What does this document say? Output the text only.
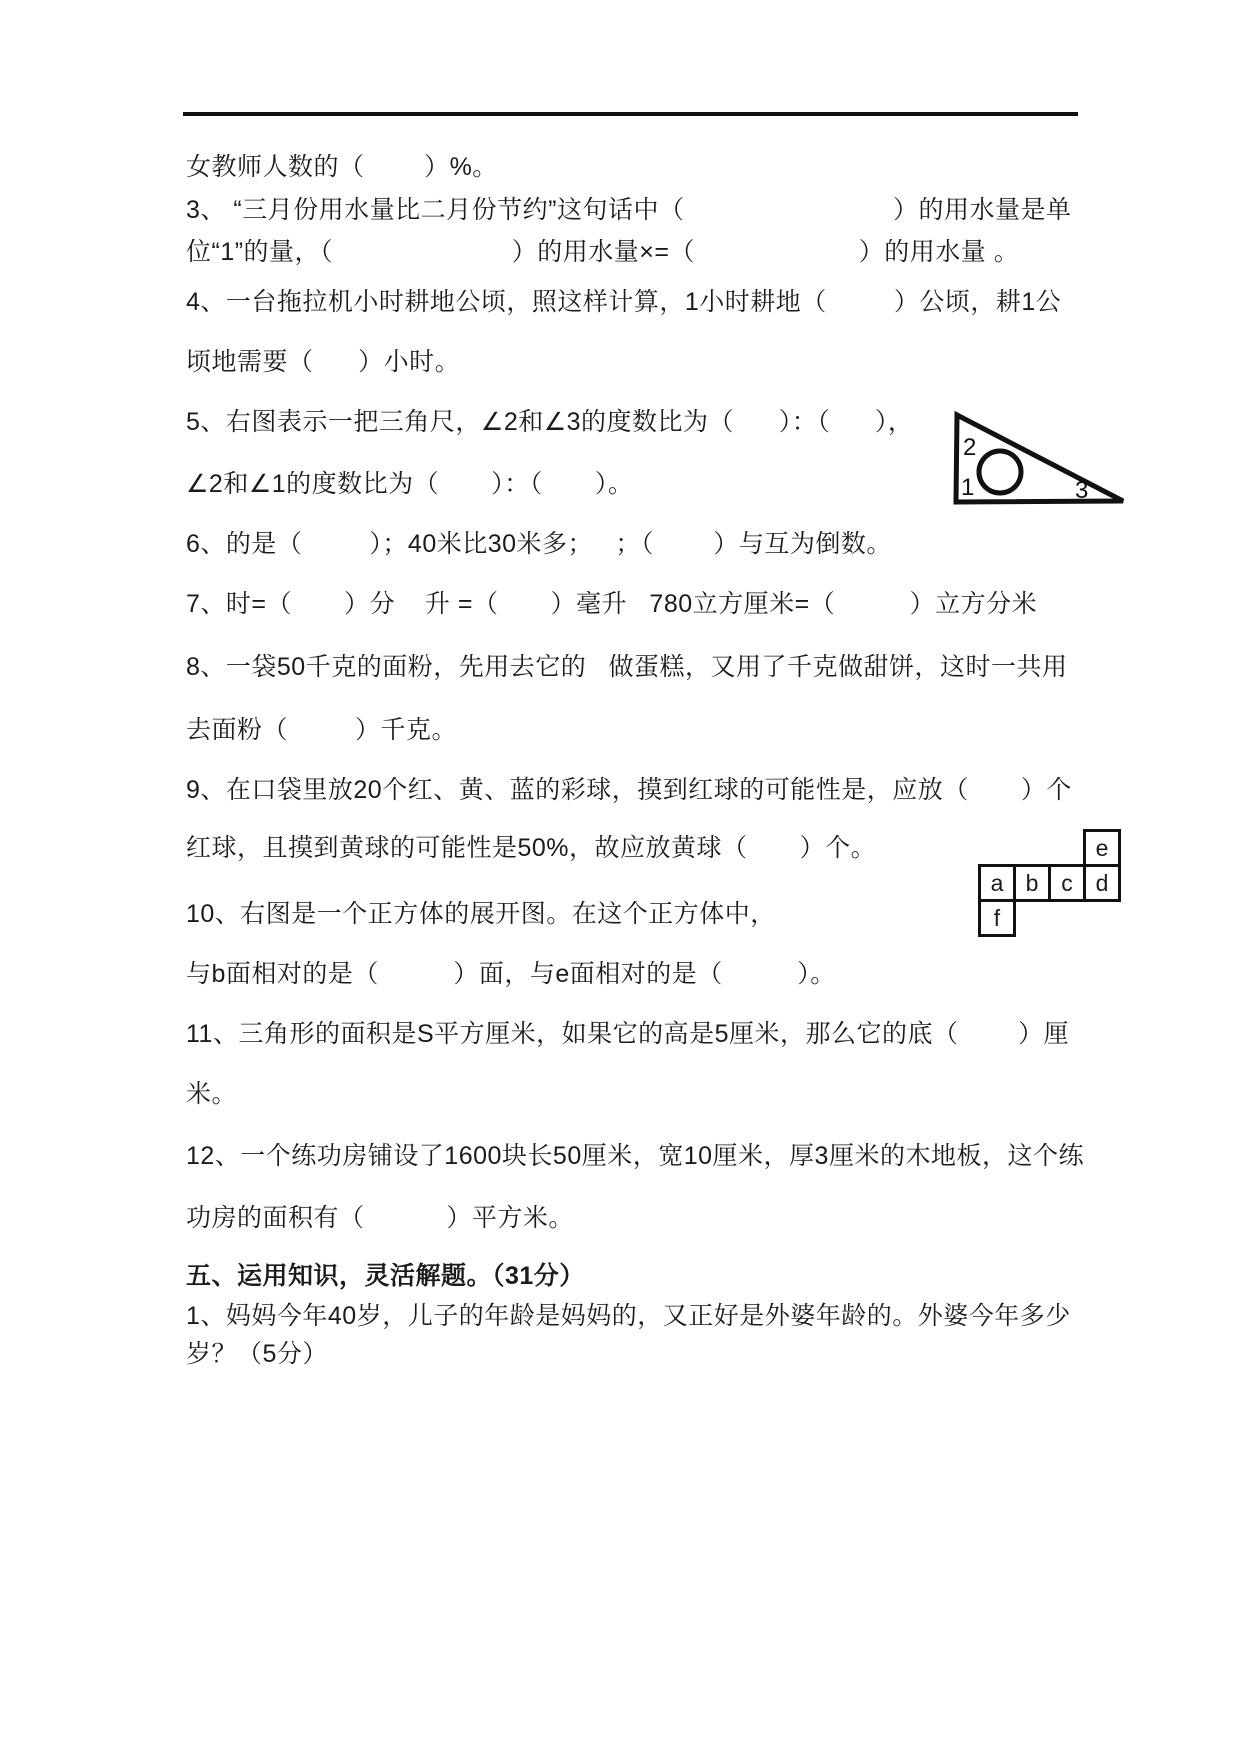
女教师人数的（        ）%。
3、 “三月份用水量比二月份节约”这句话中（                            ）的用水量是单
位“1”的量，（                        ）的用水量×=（                      ）的用水量 。
4、一台拖拉机小时耕地公顷，照这样计算，1小时耕地（         ）公顷，耕1公
顷地需要（      ）小时。
5、右图表示一把三角尺，∠2和∠3的度数比为（      ）：（      ），
∠2和∠1的度数比为（       ）：（       ）。
6、的是（         ）；40米比30米多；   ；（        ）与互为倒数。
7、时=（       ）分    升 =（       ）毫升   780立方厘米=（          ）立方分米
8、一袋50千克的面粉，先用去它的   做蛋糕，又用了千克做甜饼，这时一共用
去面粉（         ）千克。
9、在口袋里放20个红、黄、蓝的彩球，摸到红球的可能性是，应放（       ）个
红球，且摸到黄球的可能性是50%，故应放黄球（       ）个。
10、右图是一个正方体的展开图。在这个正方体中，
与b面相对的是（          ）面，与e面相对的是（          ）。
11、三角形的面积是S平方厘米，如果它的高是5厘米，那么它的底（        ）厘
米。
12、一个练功房铺设了1600块长50厘米，宽10厘米，厚3厘米的木地板，这个练
功房的面积有（           ）平方米。
五、运用知识，灵活解题。（31分）
1、妈妈今年40岁，儿子的年龄是妈妈的，又正好是外婆年龄的。外婆今年多少
岁？（5分）
2
1	3
a b c d
e
f
